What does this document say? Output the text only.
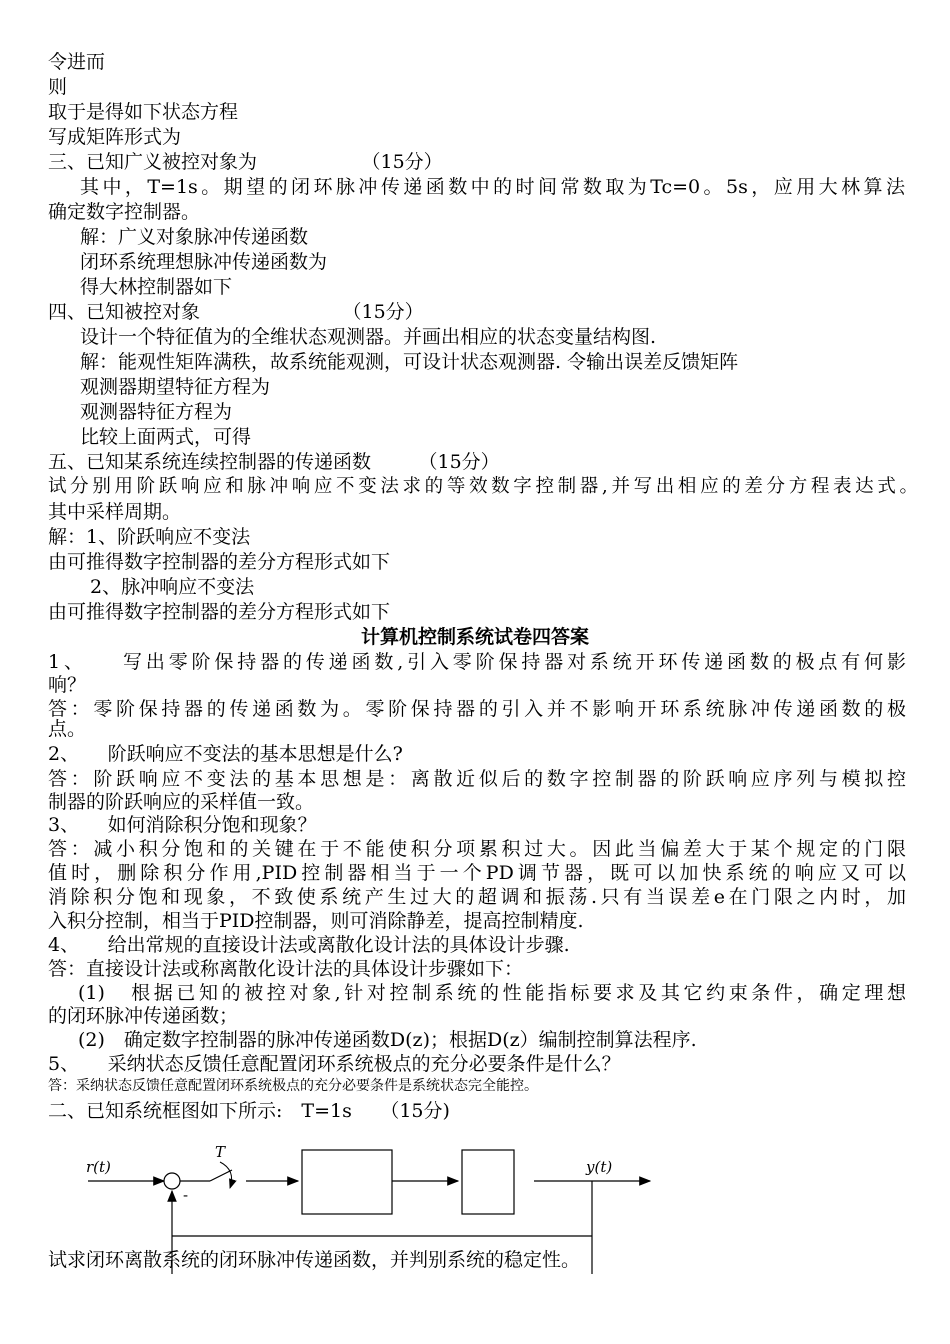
令进而
则
取于是得如下状态方程
写成矩阵形式为
三、已知广义被控对象为　　　　　　（15分）
其中，T=1s。期望的闭环脉冲传递函数中的时间常数取为Tc=0。5s，应用大林算法
确定数字控制器。
解：广义对象脉冲传递函数
闭环系统理想脉冲传递函数为
得大林控制器如下
四、已知被控对象　　　　　　　　（15分）
设计一个特征值为的全维状态观测器。并画出相应的状态变量结构图.
解：能观性矩阵满秩，故系统能观测，可设计状态观测器. 令输出误差反馈矩阵
观测器期望特征方程为
观测器特征方程为
比较上面两式，可得
五、已知某系统连续控制器的传递函数　　　（15分）
试分别用阶跃响应和脉冲响应不变法求的等效数字控制器,并写出相应的差分方程表达式。
其中采样周期。
解：1、阶跃响应不变法
由可推得数字控制器的差分方程形式如下
2、脉冲响应不变法
由可推得数字控制器的差分方程形式如下
计算机控制系统试卷四答案
1、　　写出零阶保持器的传递函数,引入零阶保持器对系统开环传递函数的极点有何影
响？
答：零阶保持器的传递函数为。零阶保持器的引入并不影响开环系统脉冲传递函数的极
点。
2、　　阶跃响应不变法的基本思想是什么?
答：阶跃响应不变法的基本思想是：离散近似后的数字控制器的阶跃响应序列与模拟控
制器的阶跃响应的采样值一致。
3、　　如何消除积分饱和现象？
答：减小积分饱和的关键在于不能使积分项累积过大。因此当偏差大于某个规定的门限
值时，删除积分作用,PID控制器相当于一个PD调节器，既可以加快系统的响应又可以
消除积分饱和现象，不致使系统产生过大的超调和振荡.只有当误差e在门限之内时，加
入积分控制，相当于PID控制器，则可消除静差，提高控制精度.
4、　　给出常规的直接设计法或离散化设计法的具体设计步骤.
答：直接设计法或称离散化设计法的具体设计步骤如下：
(1)　根据已知的被控对象,针对控制系统的性能指标要求及其它约束条件，确定理想
的闭环脉冲传递函数；
(2)　确定数字控制器的脉冲传递函数D(z)；根据D(z）编制控制算法程序.
5、　　采纳状态反馈任意配置闭环系统极点的充分必要条件是什么？
答：采纳状态反馈任意配置闭环系统极点的充分必要条件是系统状态完全能控。
二、已知系统框图如下所示:　T=1s　　（15分)
r(t)	y(t)
T
-
试求闭环离散系统的闭环脉冲传递函数，并判别系统的稳定性。
